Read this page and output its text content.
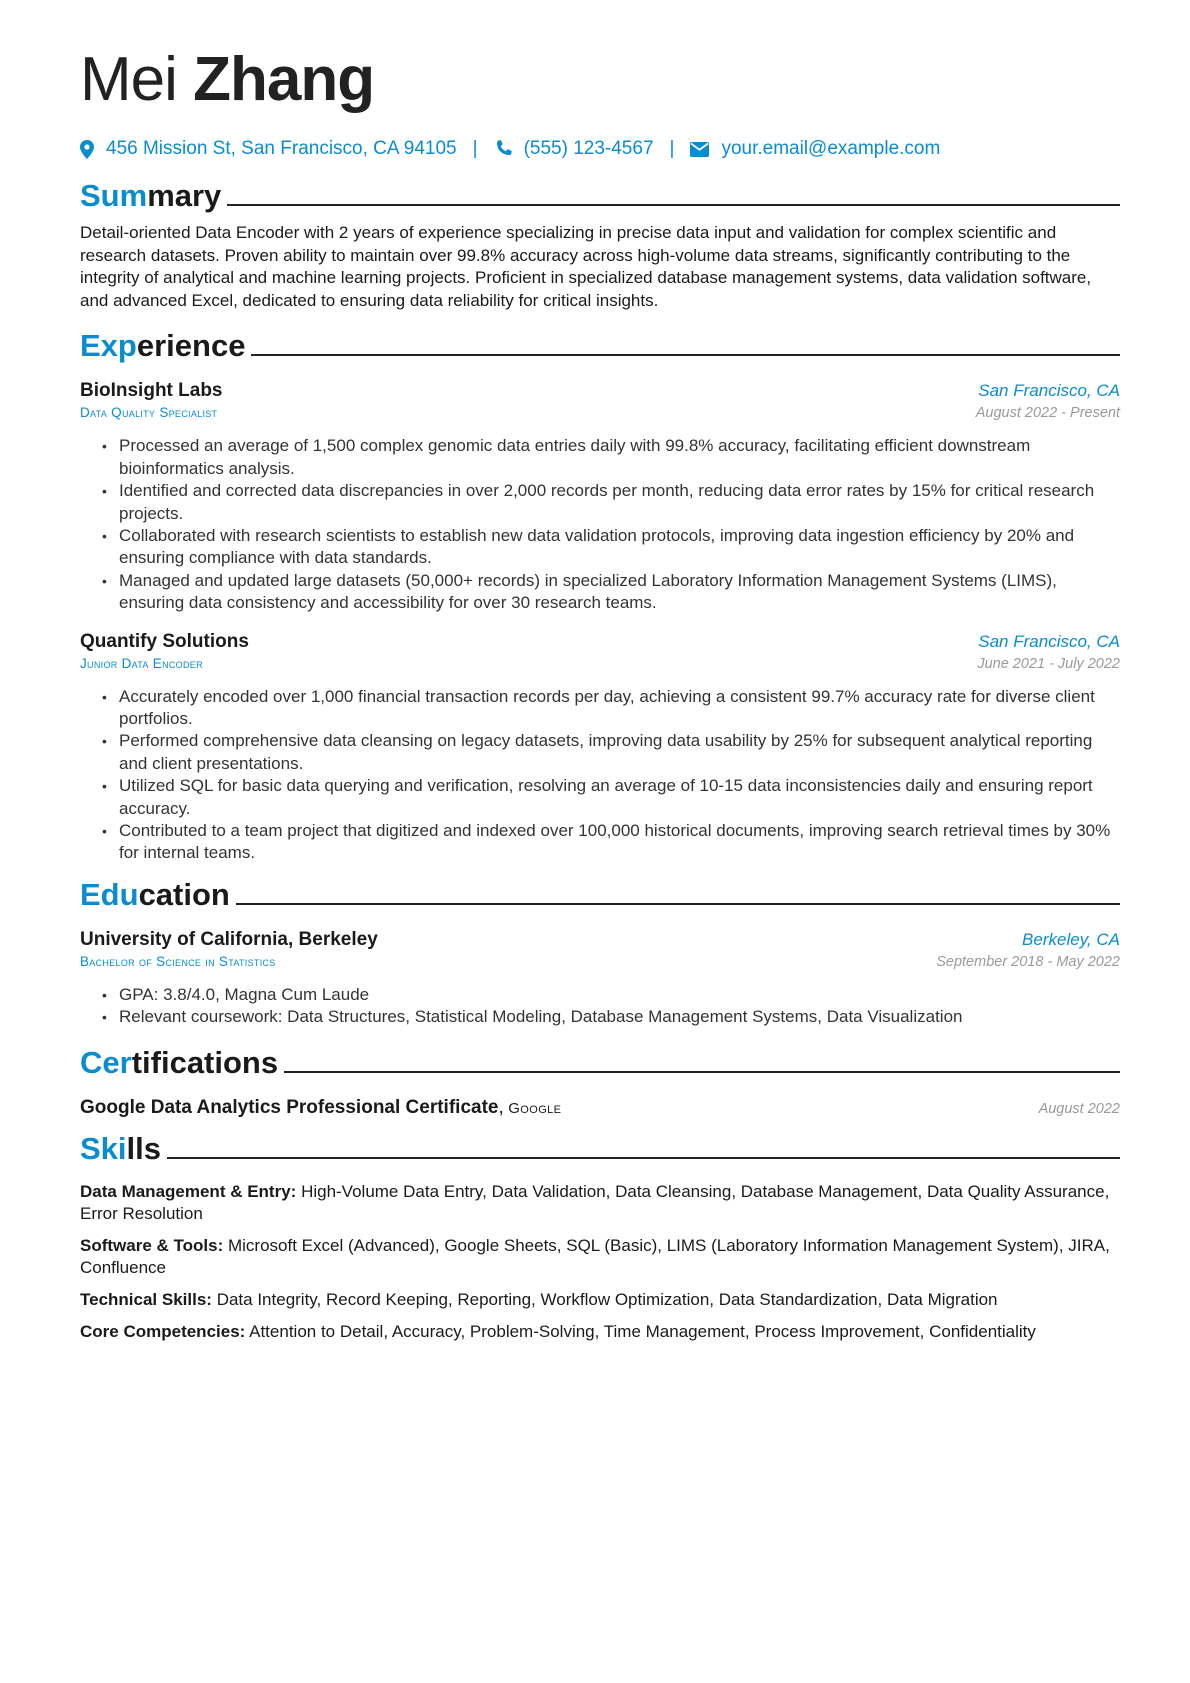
Mei Zhang
456 Mission St, San Francisco, CA 94105 | (555) 123-4567 | your.email@example.com
Sum mary

Detail-oriented Data Encoder with 2 years of experience specializing in precise data input and validation for complex scientific and research datasets. Proven ability to maintain over 99.8% accuracy across high-volume data streams, significantly contributing to the integrity of analytical and machine learning projects. Proficient in specialized database management systems, data validation software, and advanced Excel, dedicated to ensuring data reliability for critical insights.

Exp erience
BioInsight Labs	San Francisco, CA
Data Quality Specialist	August 2022 - Present
• Processed an average of 1,500 complex genomic data entries daily with 99.8% accuracy, facilitating efficient downstream bioinformatics analysis.
• Identified and corrected data discrepancies in over 2,000 records per month, reducing data error rates by 15% for critical research projects.
• Collaborated with research scientists to establish new data validation protocols, improving data ingestion efficiency by 20% and ensuring compliance with data standards.
• Managed and updated large datasets (50,000+ records) in specialized Laboratory Information Management Systems (LIMS), ensuring data consistency and accessibility for over 30 research teams.
Quantify Solutions	San Francisco, CA
Junior Data Encoder	June 2021 - July 2022
• Accurately encoded over 1,000 financial transaction records per day, achieving a consistent 99.7% accuracy rate for diverse client portfolios.
• Performed comprehensive data cleansing on legacy datasets, improving data usability by 25% for subsequent analytical reporting and client presentations.
• Utilized SQL for basic data querying and verification, resolving an average of 10-15 data inconsistencies daily and ensuring report accuracy.
• Contributed to a team project that digitized and indexed over 100,000 historical documents, improving search retrieval times by 30% for internal teams.
Edu cation
University of California, Berkeley	Berkeley, CA
Bachelor of Science in Statistics	September 2018 - May 2022
• GPA: 3.8/4.0, Magna Cum Laude
• Relevant coursework: Data Structures, Statistical Modeling, Database Management Systems, Data Visualization
Cer tifications
Google Data Analytics Professional Certificate, Google	August 2022
Ski lls

Data Management & Entry: High-Volume Data Entry, Data Validation, Data Cleansing, Database Management, Data Quality Assurance, Error Resolution

Software & Tools: Microsoft Excel (Advanced), Google Sheets, SQL (Basic), LIMS (Laboratory Information Management System), JIRA, Confluence

Technical Skills: Data Integrity, Record Keeping, Reporting, Workflow Optimization, Data Standardization, Data Migration

Core Competencies: Attention to Detail, Accuracy, Problem-Solving, Time Management, Process Improvement, Confidentiality
